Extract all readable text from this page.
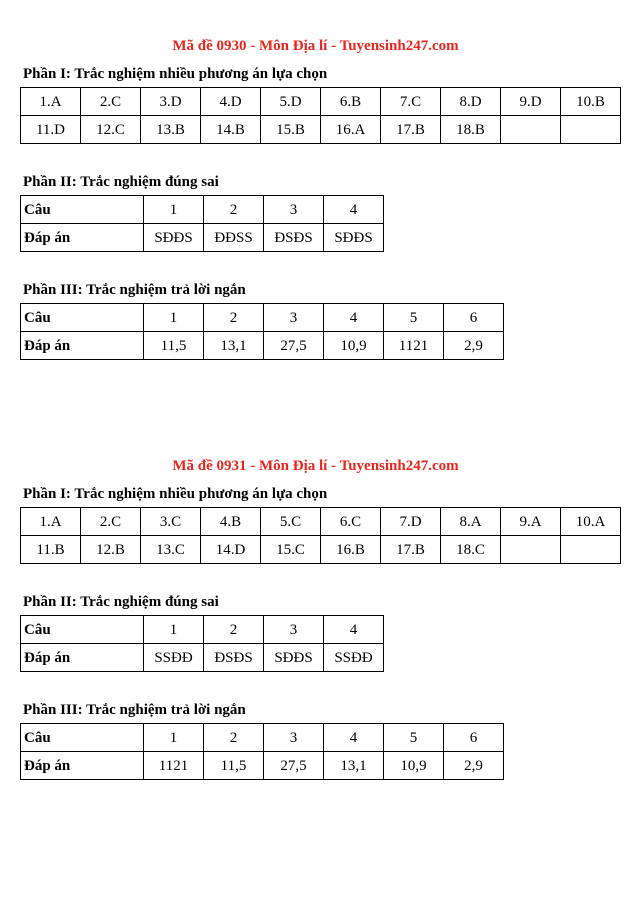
Mã đề 0930 - Môn Địa lí - Tuyensinh247.com
Phần I: Trắc nghiệm nhiều phương án lựa chọn
1.A	2.C	3.D	4.D	5.D	6.B	7.C	8.D	9.D	10.B
11.D	12.C	13.B	14.B	15.B	16.A	17.B	18.B		
Phần II: Trắc nghiệm đúng sai
Câu	1	2	3	4
Đáp án	SĐĐS	ĐĐSS	ĐSĐS	SĐĐS
Phần III: Trắc nghiệm trả lời ngắn
Câu	1	2	3	4	5	6
Đáp án	11,5	13,1	27,5	10,9	1121	2,9
Mã đề 0931 - Môn Địa lí - Tuyensinh247.com
Phần I: Trắc nghiệm nhiều phương án lựa chọn
1.A	2.C	3.C	4.B	5.C	6.C	7.D	8.A	9.A	10.A
11.B	12.B	13.C	14.D	15.C	16.B	17.B	18.C		
Phần II: Trắc nghiệm đúng sai
Câu	1	2	3	4
Đáp án	SSĐĐ	ĐSĐS	SĐĐS	SSĐĐ
Phần III: Trắc nghiệm trả lời ngắn
Câu	1	2	3	4	5	6
Đáp án	1121	11,5	27,5	13,1	10,9	2,9
